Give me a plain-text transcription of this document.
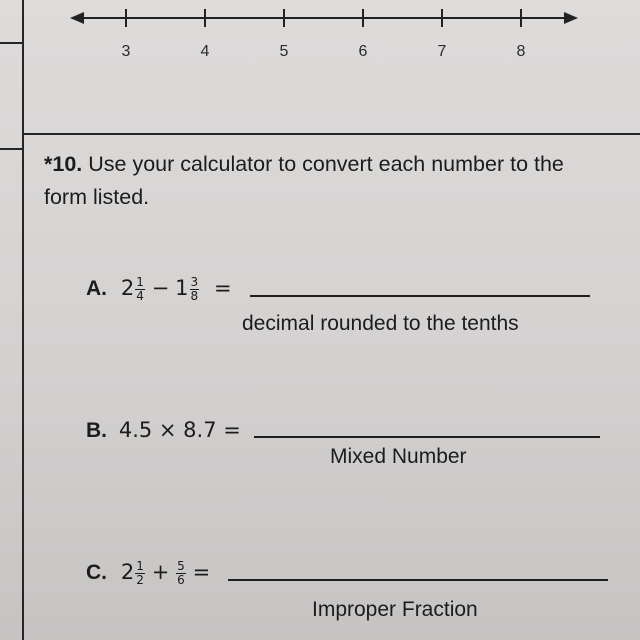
3	4	5	6	7	8
*10. Use your calculator to convert each number to the form listed.
A. $2 \frac{1}{4} - 1 \frac{3}{8}$ =
decimal rounded to the tenths
B. 4.5 × 8.7 =
Mixed Number
C. $2 \frac{1}{2} + \frac{5}{6}$ =
Improper Fraction
